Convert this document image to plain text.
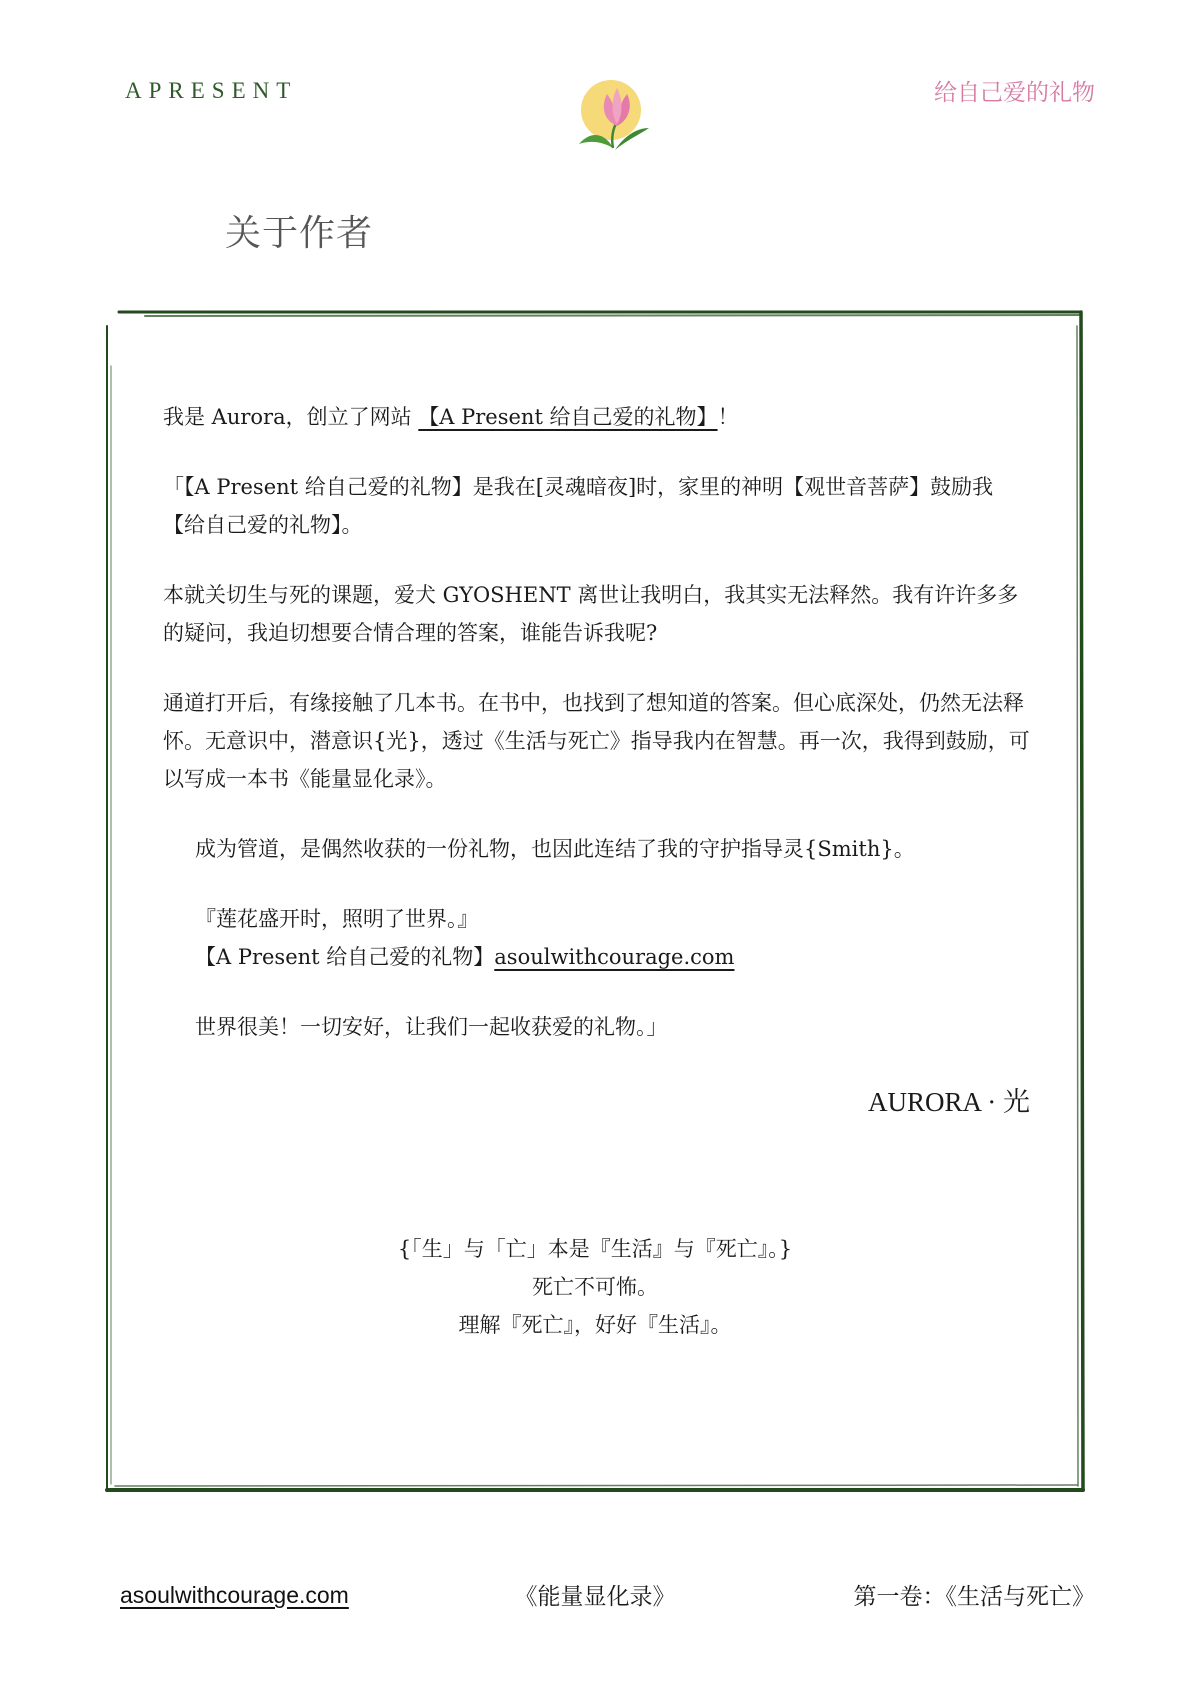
APRESENT	给自己爱的礼物
关于作者

我是 Aurora，创立了网站 【A Present 给自己爱的礼物】！

「【A Present 给自己爱的礼物】是我在[灵魂暗夜]时，家里的神明【观世音菩萨】鼓励我【给自己爱的礼物】。

本就关切生与死的课题，爱犬 GYOSHENT 离世让我明白，我其实无法释然。我有许许多多的疑问，我迫切想要合情合理的答案，谁能告诉我呢?

通道打开后，有缘接触了几本书。在书中，也找到了想知道的答案。但心底深处，仍然无法释怀。无意识中，潜意识{光}，透过《生活与死亡》指导我内在智慧。再一次，我得到鼓励，可以写成一本书《能量显化录》。

成为管道，是偶然收获的一份礼物，也因此连结了我的守护指导灵{Smith}。

『莲花盛开时，照明了世界。』

【A Present 给自己爱的礼物】asoulwithcourage.com

世界很美！一切安好，让我们一起收获爱的礼物。」

AURORA · 光

{「生」与「亡」本是『生活』与『死亡』。}

死亡不可怖。

理解『死亡』，好好『生活』。

asoulwithcourage.com	《能量显化录》	第一卷：《生活与死亡》
